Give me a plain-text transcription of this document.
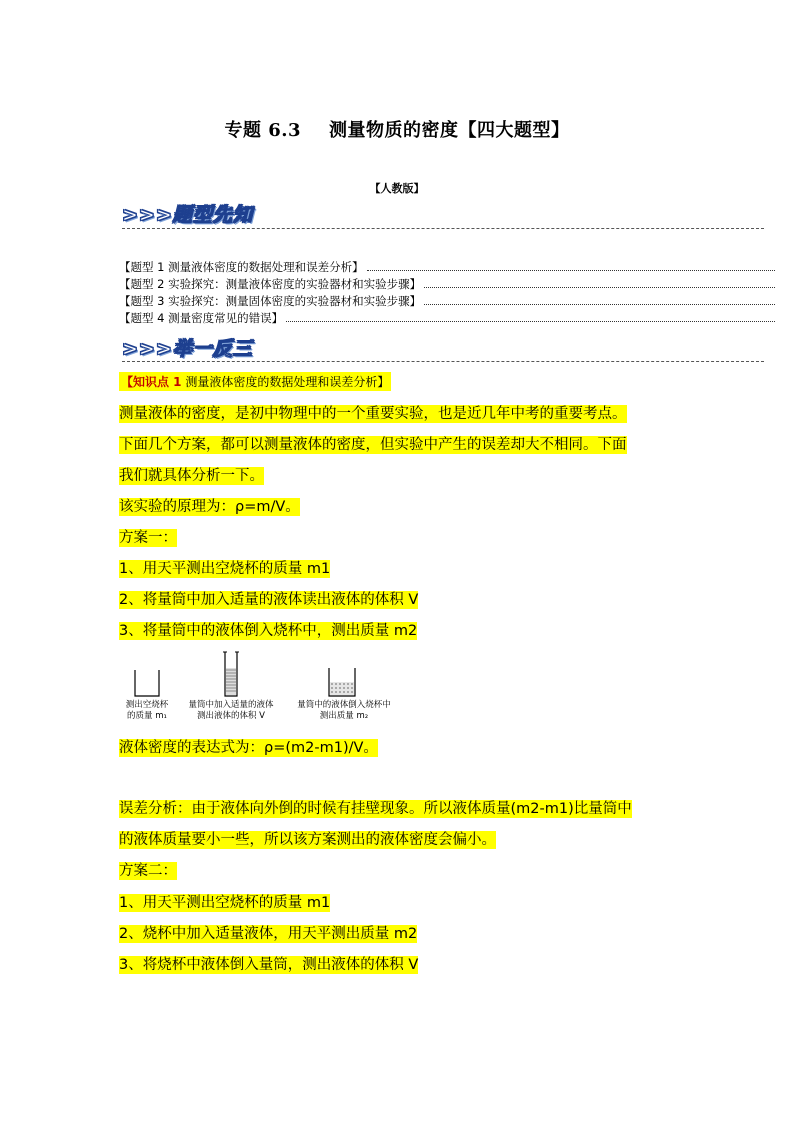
专题 6.3 测量物质的密度【四大题型】
【人教版】
>>>题型先知
【题型 1 测量液体密度的数据处理和误差分析】
【题型 2 实验探究：测量液体密度的实验器材和实验步骤】
【题型 3 实验探究：测量固体密度的实验器材和实验步骤】
【题型 4 测量密度常见的错误】
>>>举一反三
【知识点 1 测量液体密度的数据处理和误差分析】
测量液体的密度，是初中物理中的一个重要实验，也是近几年中考的重要考点。
下面几个方案，都可以测量液体的密度，但实验中产生的误差却大不相同。下面
我们就具体分析一下。
该实验的原理为：ρ=m/V。
方案一：
1、用天平测出空烧杯的质量 m1
2、将量筒中加入适量的液体读出液体的体积 V
3、将量筒中的液体倒入烧杯中，测出质量 m2
液体密度的表达式为：ρ=(m2-m1)/V。
误差分析：由于液体向外倒的时候有挂壁现象。所以液体质量(m2-m1)比量筒中
的液体质量要小一些，所以该方案测出的液体密度会偏小。
方案二：
1、用天平测出空烧杯的质量 m1
2、烧杯中加入适量液体，用天平测出质量 m2
3、将烧杯中液体倒入量筒，测出液体的体积 V
测出空烧杯
的质量 m₁
量筒中加入适量的液体
测出液体的体积 V
量筒中的液体倒入烧杯中
测出质量 m₂
